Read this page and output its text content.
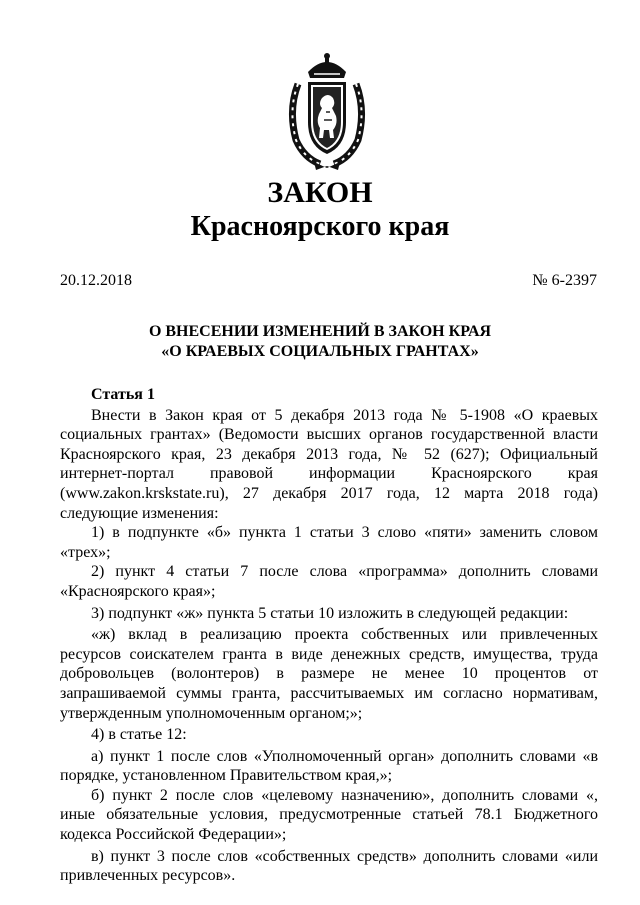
ЗАКОН
Красноярского края
20.12.2018	№ 6-2397
О ВНЕСЕНИИ ИЗМЕНЕНИЙ В ЗАКОН КРАЯ
«О КРАЕВЫХ СОЦИАЛЬНЫХ ГРАНТАХ»
Статья 1

Внести в Закон края от 5 декабря 2013 года № 5-1908 «О краевых социальных грантах» (Ведомости высших органов государственной власти Красноярского края, 23 декабря 2013 года, № 52 (627); Официальный интернет-портал правовой информации Красноярского края (www.zakon.krskstate.ru), 27 декабря 2017 года, 12 марта 2018 года) следующие изменения:

1) в подпункте «б» пункта 1 статьи 3 слово «пяти» заменить словом «трех»;

2) пункт 4 статьи 7 после слова «программа» дополнить словами «Красноярского края»;

3) подпункт «ж» пункта 5 статьи 10 изложить в следующей редакции:

«ж) вклад в реализацию проекта собственных или привлеченных ресурсов соискателем гранта в виде денежных средств, имущества, труда добровольцев (волонтеров) в размере не менее 10 процентов от запрашиваемой суммы гранта, рассчитываемых им согласно нормативам, утвержденным уполномоченным органом;»;

4) в статье 12:

а) пункт 1 после слов «Уполномоченный орган» дополнить словами «в порядке, установленном Правительством края,»;

б) пункт 2 после слов «целевому назначению», дополнить словами «, иные обязательные условия, предусмотренные статьей 78.1 Бюджетного кодекса Российской Федерации»;

в) пункт 3 после слов «собственных средств» дополнить словами «или привлеченных ресурсов».
